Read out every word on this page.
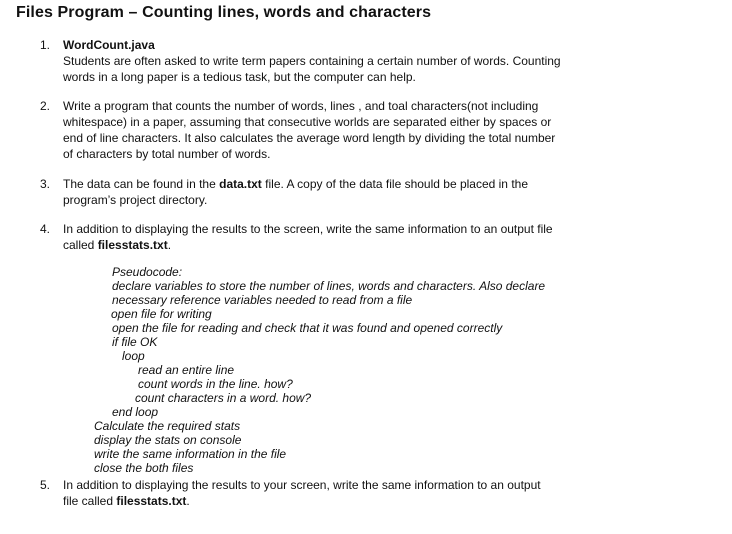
Files Program – Counting lines, words and characters
1.	WordCount.java
Students are often asked to write term papers containing a certain number of words. Counting
words in a long paper is a tedious task, but the computer can help.
2.	Write a program that counts the number of words, lines , and toal characters(not including
whitespace) in a paper, assuming that consecutive worlds are separated either by spaces or
end of line characters. It also calculates the average word length by dividing the total number
of characters by total number of words.
3.	The data can be found in the data.txt file. A copy of the data file should be placed in the
program’s project directory.
4.	In addition to displaying the results to the screen, write the same information to an output file
called filesstats.txt.
Pseudocode:
declare variables to store the number of lines, words and characters. Also declare
necessary reference variables needed to read from a file
open file for writing
open the file for reading and check that it was found and opened correctly
if file OK
loop
read an entire line
count words in the line. how?
count characters in a word. how?
end loop
Calculate the required stats
display the stats on console
write the same information in the file
close the both files
5.	In addition to displaying the results to your screen, write the same information to an output
file called filesstats.txt.
